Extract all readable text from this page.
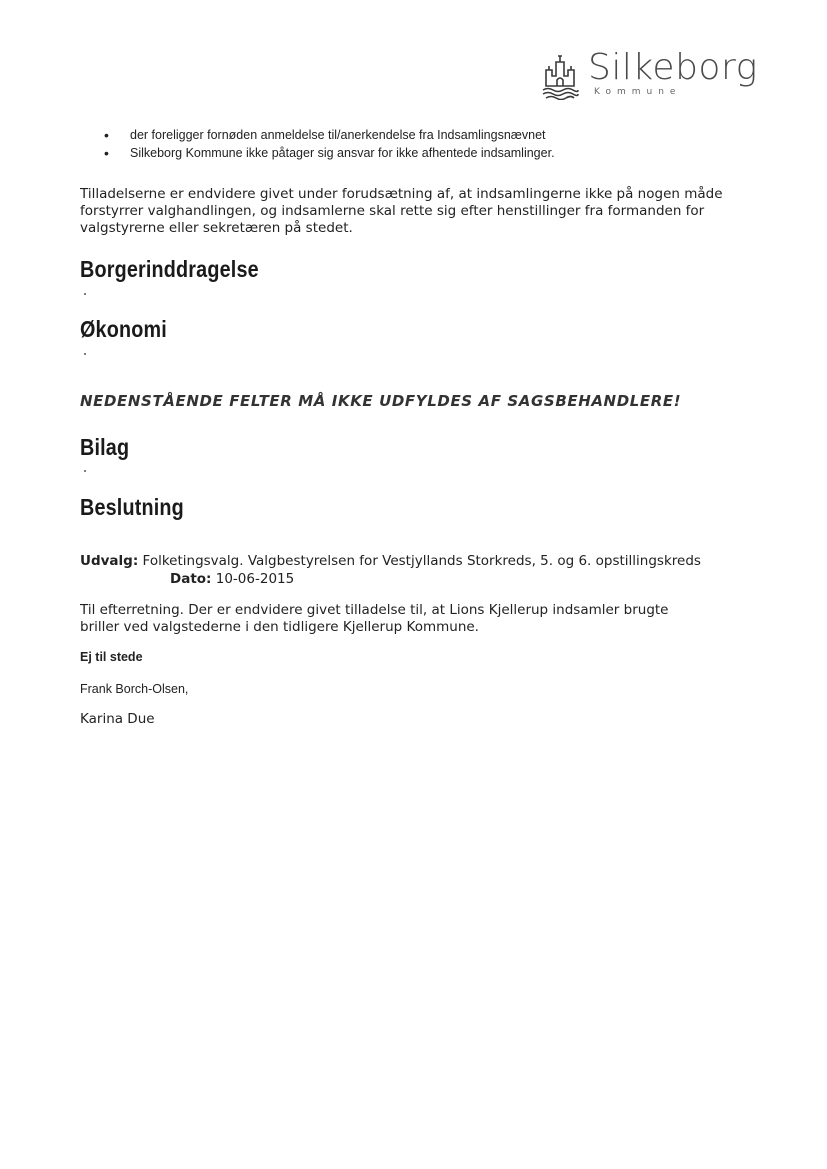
Silkeborg
Kommune
• der foreligger fornøden anmeldelse til/anerkendelse fra Indsamlingsnævnet
• Silkeborg Kommune ikke påtager sig ansvar for ikke afhentede indsamlinger.
Tilladelserne er endvidere givet under forudsætning af, at indsamlingerne ikke på nogen måde
forstyrrer valghandlingen, og indsamlerne skal rette sig efter henstillinger fra formanden for
valgstyrerne eller sekretæren på stedet.
Borgerinddragelse
Økonomi
NEDENSTÅENDE FELTER MÅ IKKE UDFYLDES AF SAGSBEHANDLERE!
Bilag
Beslutning
Udvalg: Folketingsvalg. Valgbestyrelsen for Vestjyllands Storkreds, 5. og 6. opstillingskreds
Dato: 10-06-2015
Til efterretning. Der er endvidere givet tilladelse til, at Lions Kjellerup indsamler brugte
briller ved valgstederne i den tidligere Kjellerup Kommune.
Ej til stede
Frank Borch-Olsen,
Karina Due
